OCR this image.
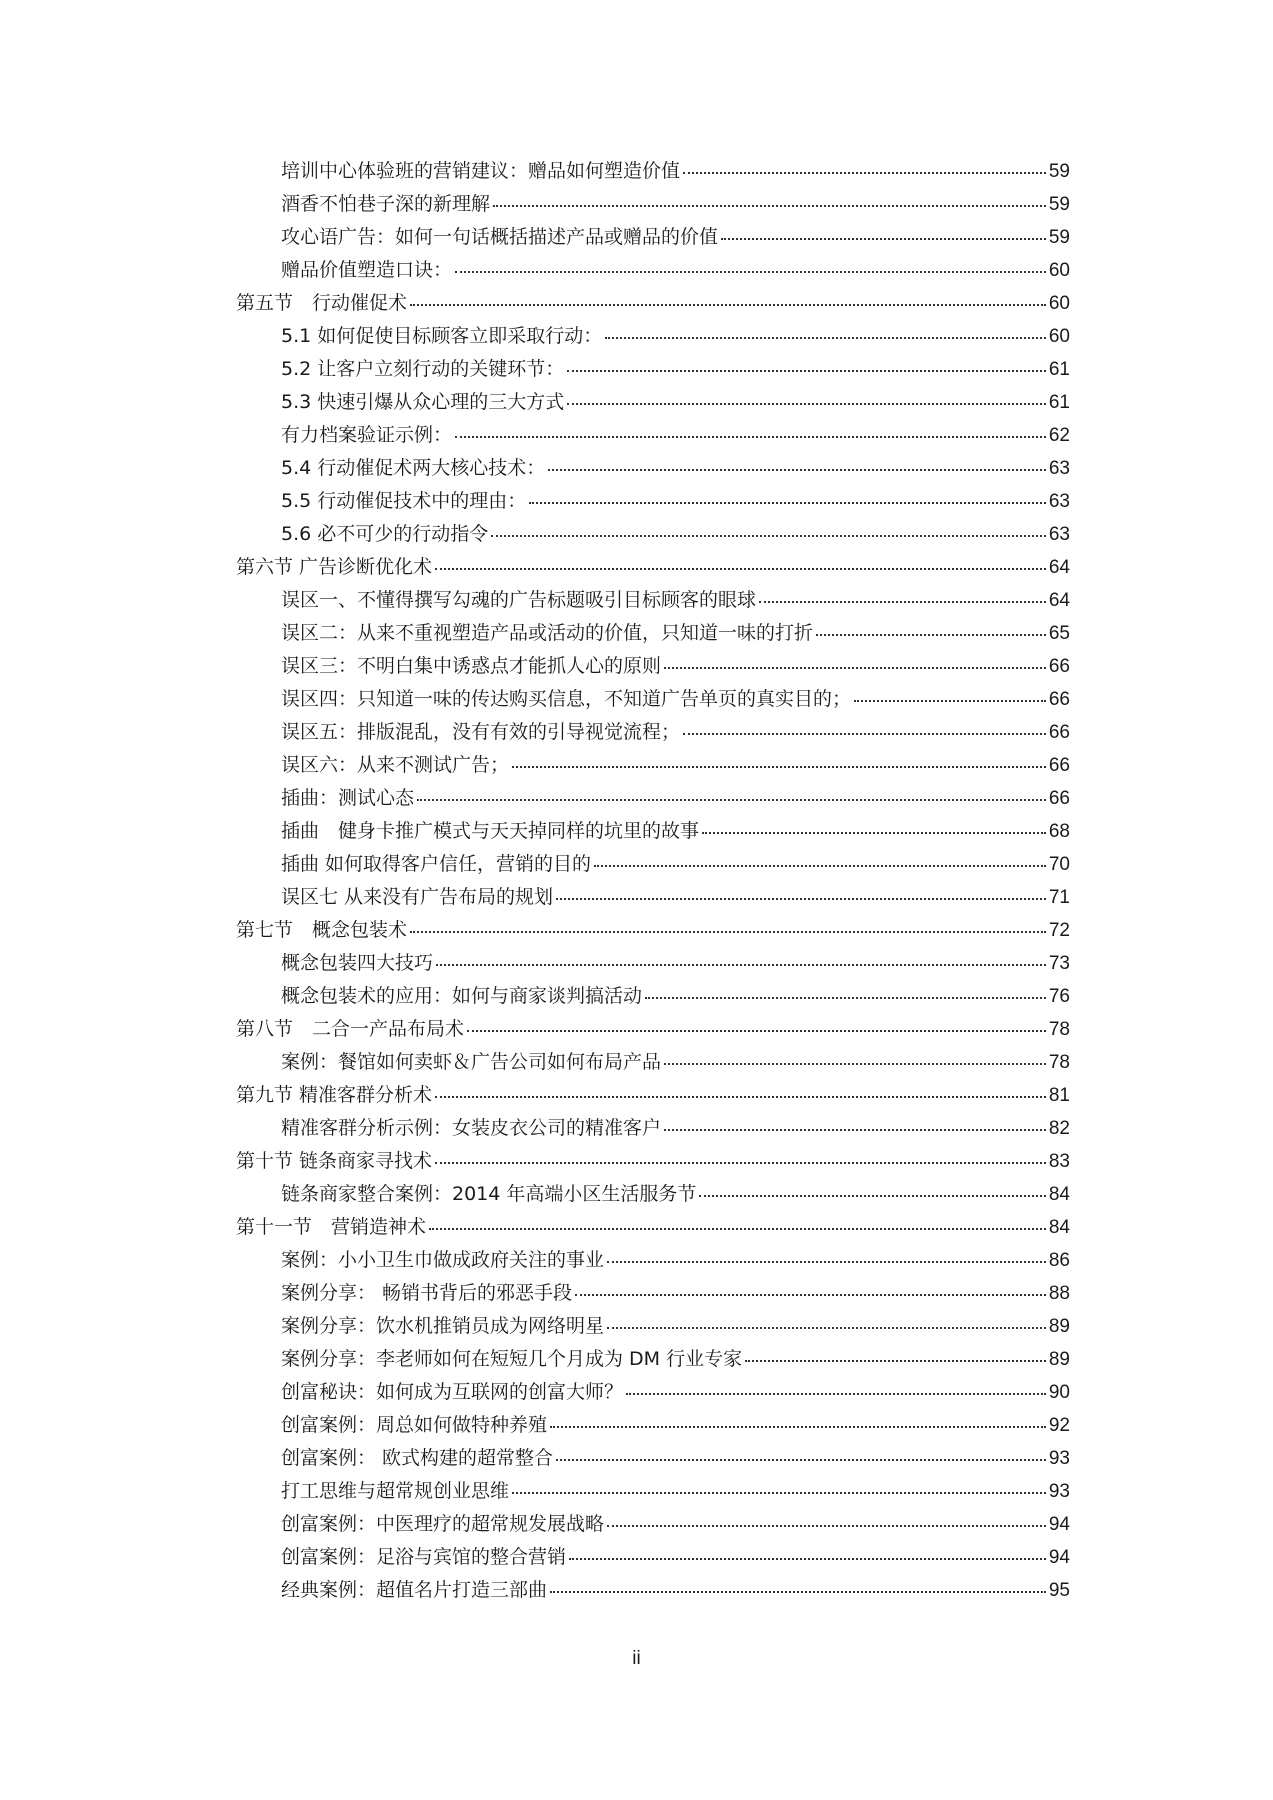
培训中心体验班的营销建议：赠品如何塑造价值	59
酒香不怕巷子深的新理解	59
攻心语广告：如何一句话概括描述产品或赠品的价值	59
赠品价值塑造口诀：	60
第五节　行动催促术	60
5.1 如何促使目标顾客立即采取行动：	60
5.2 让客户立刻行动的关键环节：	61
5.3 快速引爆从众心理的三大方式	61
有力档案验证示例：	62
5.4 行动催促术两大核心技术：	63
5.5 行动催促技术中的理由：	63
5.6 必不可少的行动指令	63
第六节 广告诊断优化术	64
误区一、不懂得撰写勾魂的广告标题吸引目标顾客的眼球	64
误区二：从来不重视塑造产品或活动的价值，只知道一味的打折	65
误区三：不明白集中诱惑点才能抓人心的原则	66
误区四：只知道一味的传达购买信息，不知道广告单页的真实目的；	66
误区五：排版混乱，没有有效的引导视觉流程；	66
误区六：从来不测试广告；	66
插曲：测试心态	66
插曲　健身卡推广模式与天天掉同样的坑里的故事	68
插曲 如何取得客户信任，营销的目的	70
误区七 从来没有广告布局的规划	71
第七节　概念包装术	72
概念包装四大技巧	73
概念包装术的应用：如何与商家谈判搞活动	76
第八节　二合一产品布局术	78
案例：餐馆如何卖虾＆广告公司如何布局产品	78
第九节 精准客群分析术	81
精准客群分析示例：女装皮衣公司的精准客户	82
第十节 链条商家寻找术	83
链条商家整合案例：2014 年高端小区生活服务节	84
第十一节　营销造神术	84
案例：小小卫生巾做成政府关注的事业	86
案例分享： 畅销书背后的邪恶手段	88
案例分享：饮水机推销员成为网络明星	89
案例分享：李老师如何在短短几个月成为 DM 行业专家	89
创富秘诀：如何成为互联网的创富大师？	90
创富案例：周总如何做特种养殖	92
创富案例： 欧式构建的超常整合	93
打工思维与超常规创业思维	93
创富案例：中医理疗的超常规发展战略	94
创富案例：足浴与宾馆的整合营销	94
经典案例：超值名片打造三部曲	95
ii
